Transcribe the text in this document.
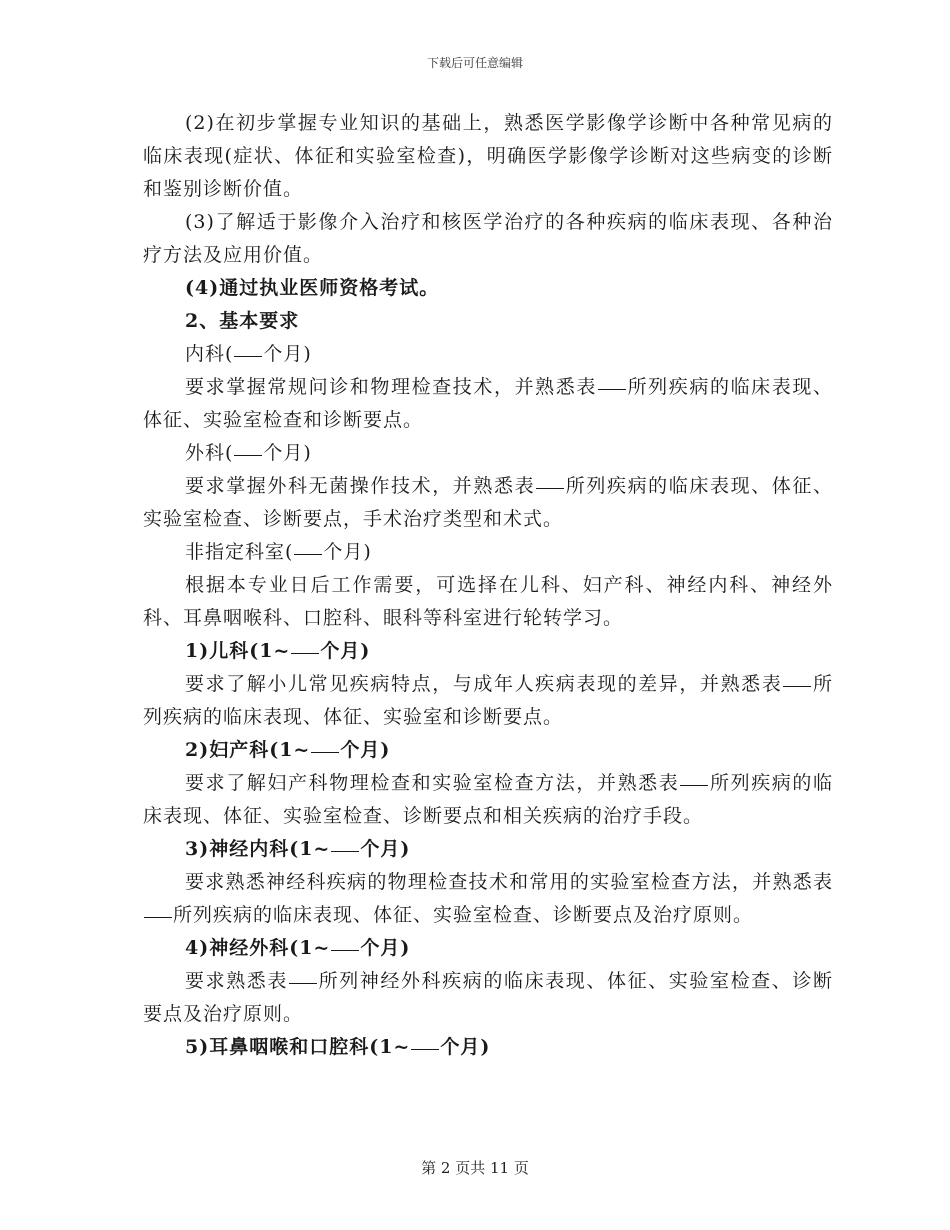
下载后可任意编辑

(2)在初步掌握专业知识的基础上，熟悉医学影像学诊断中各种常见病的临床表现(症状、体征和实验室检查)，明确医学影像学诊断对这些病变的诊断和鉴别诊断价值。

(3)了解适于影像介入治疗和核医学治疗的各种疾病的临床表现、各种治疗方法及应用价值。

(4)通过执业医师资格考试。

2、基本要求

内科( 个月)

要求掌握常规问诊和物理检查技术，并熟悉表 所列疾病的临床表现、体征、实验室检查和诊断要点。

外科( 个月)

要求掌握外科无菌操作技术，并熟悉表 所列疾病的临床表现、体征、实验室检查、诊断要点，手术治疗类型和术式。

非指定科室( 个月)

根据本专业日后工作需要，可选择在儿科、妇产科、神经内科、神经外科、耳鼻咽喉科、口腔科、眼科等科室进行轮转学习。

1)儿科(1~ 个月)

要求了解小儿常见疾病特点，与成年人疾病表现的差异，并熟悉表 所列疾病的临床表现、体征、实验室和诊断要点。

2)妇产科(1~ 个月)

要求了解妇产科物理检查和实验室检查方法，并熟悉表 所列疾病的临床表现、体征、实验室检查、诊断要点和相关疾病的治疗手段。

3)神经内科(1~ 个月)

要求熟悉神经科疾病的物理检查技术和常用的实验室检查方法，并熟悉表所列疾病的临床表现、体征、实验室检查、诊断要点及治疗原则。

4)神经外科(1~ 个月)

要求熟悉表 所列神经外科疾病的临床表现、体征、实验室检查、诊断要点及治疗原则。

5)耳鼻咽喉和口腔科(1~ 个月)

第 2 页共 11 页
